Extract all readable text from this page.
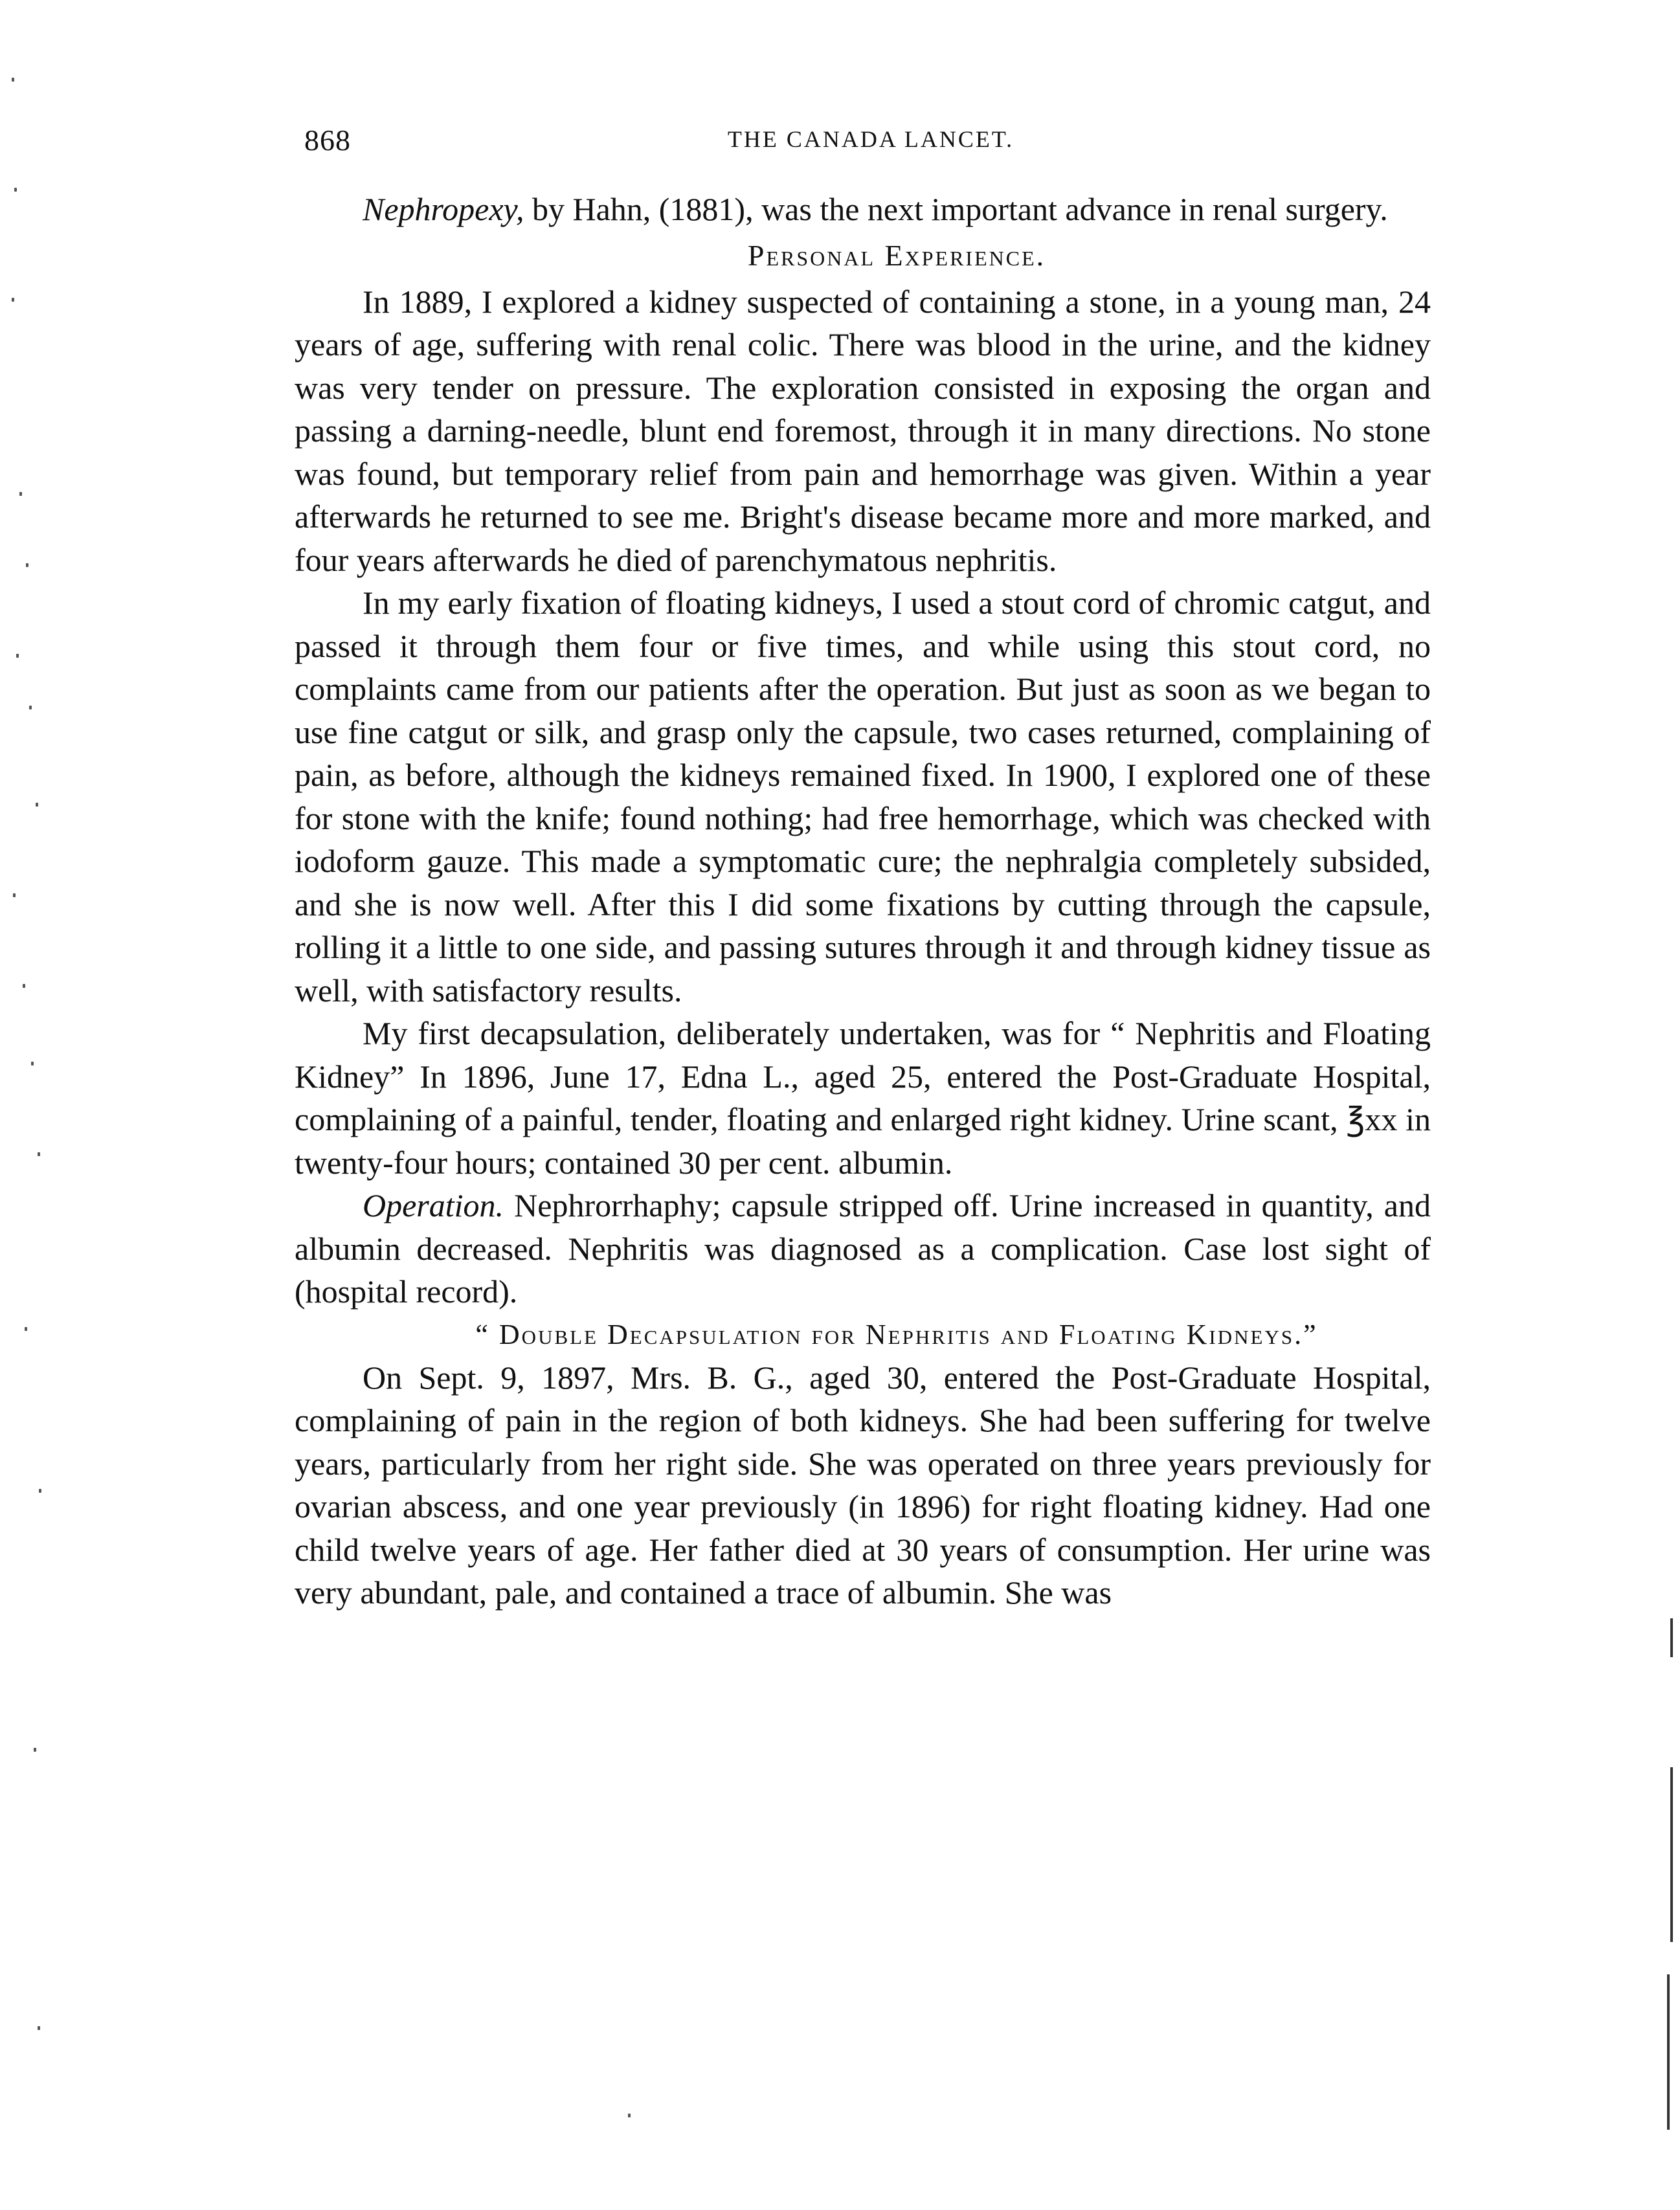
868	THE CANADA LANCET.

Nephropexy, by Hahn, (1881), was the next important advance in renal surgery.

Personal Experience.

In 1889, I explored a kidney suspected of containing a stone, in a young man, 24 years of age, suffering with renal colic. There was blood in the urine, and the kidney was very tender on pressure. The exploration consisted in exposing the organ and passing a darning-needle, blunt end foremost, through it in many directions. No stone was found, but temporary relief from pain and hemorrhage was given. Within a year afterwards he returned to see me. Bright's disease became more and more marked, and four years afterwards he died of parenchymatous nephritis.

In my early fixation of floating kidneys, I used a stout cord of chromic catgut, and passed it through them four or five times, and while using this stout cord, no complaints came from our patients after the operation. But just as soon as we began to use fine catgut or silk, and grasp only the capsule, two cases returned, complaining of pain, as before, although the kidneys remained fixed. In 1900, I explored one of these for stone with the knife; found nothing; had free hemorrhage, which was checked with iodoform gauze. This made a symptomatic cure; the nephralgia completely subsided, and she is now well. After this I did some fixations by cutting through the capsule, rolling it a little to one side, and passing sutures through it and through kidney tissue as well, with satisfactory results.

My first decapsulation, deliberately undertaken, was for “ Nephritis and Floating Kidney” In 1896, June 17, Edna L., aged 25, entered the Post-Graduate Hospital, complaining of a painful, tender, floating and enlarged right kidney. Urine scant, ℥xx in twenty-four hours; contained 30 per cent. albumin.

Operation. Nephrorrhaphy; capsule stripped off. Urine increased in quantity, and albumin decreased. Nephritis was diagnosed as a complication. Case lost sight of (hospital record).

“ Double Decapsulation for Nephritis and Floating Kidneys.”

On Sept. 9, 1897, Mrs. B. G., aged 30, entered the Post-Graduate Hospital, complaining of pain in the region of both kidneys. She had been suffering for twelve years, particularly from her right side. She was operated on three years previously for ovarian abscess, and one year previously (in 1896) for right floating kidney. Had one child twelve years of age. Her father died at 30 years of consumption. Her urine was very abundant, pale, and contained a trace of albumin. She was
